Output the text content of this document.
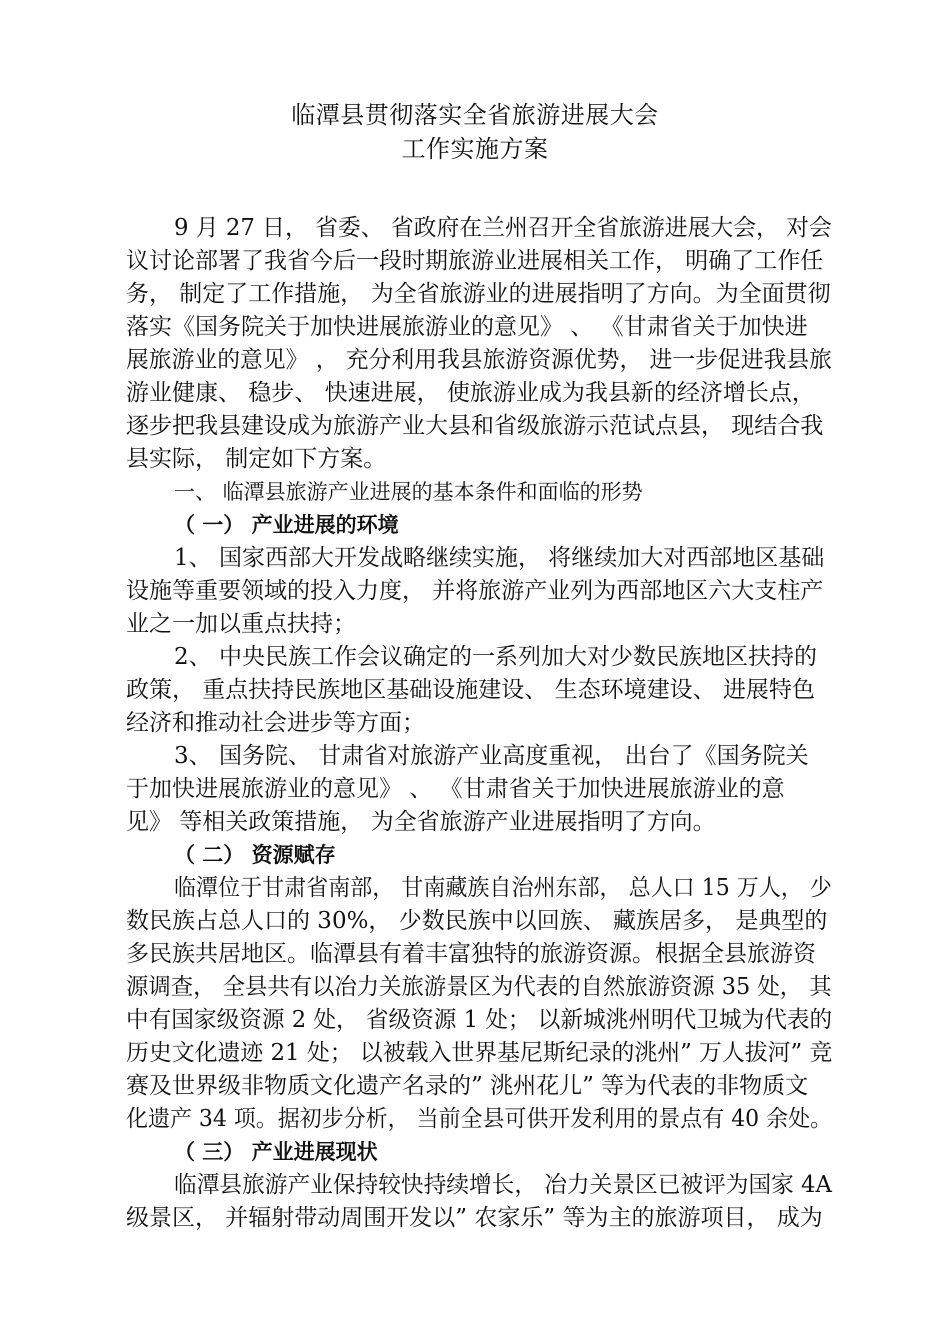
临潭县贯彻落实全省旅游进展大会
工作实施方案
9 月 27 日， 省委、 省政府在兰州召开全省旅游进展大会， 对会
议讨论部署了我省今后一段时期旅游业进展相关工作， 明确了工作任
务， 制定了工作措施， 为全省旅游业的进展指明了方向。为全面贯彻
落实《国务院关于加快进展旅游业的意见》 、 《甘肃省关于加快进
展旅游业的意见》 ， 充分利用我县旅游资源优势， 进一步促进我县旅
游业健康、 稳步、 快速进展， 使旅游业成为我县新的经济增长点，
逐步把我县建设成为旅游产业大县和省级旅游示范试点县， 现结合我
县实际， 制定如下方案。
一、 临潭县旅游产业进展的基本条件和面临的形势
（ 一） 产业进展的环境
1、 国家西部大开发战略继续实施， 将继续加大对西部地区基础
设施等重要领域的投入力度， 并将旅游产业列为西部地区六大支柱产
业之一加以重点扶持；
2、 中央民族工作会议确定的一系列加大对少数民族地区扶持的
政策， 重点扶持民族地区基础设施建设、 生态环境建设、 进展特色
经济和推动社会进步等方面；
3、 国务院、 甘肃省对旅游产业高度重视， 出台了《国务院关
于加快进展旅游业的意见》 、 《甘肃省关于加快进展旅游业的意
见》 等相关政策措施， 为全省旅游产业进展指明了方向。
（ 二） 资源赋存
临潭位于甘肃省南部， 甘南藏族自治州东部， 总人口 15 万人， 少
数民族占总人口的 30%， 少数民族中以回族、 藏族居多， 是典型的
多民族共居地区。临潭县有着丰富独特的旅游资源。根据全县旅游资
源调查， 全县共有以冶力关旅游景区为代表的自然旅游资源 35 处， 其
中有国家级资源 2 处， 省级资源 1 处； 以新城洮州明代卫城为代表的
历史文化遗迹 21 处； 以被载入世界基尼斯纪录的洮州” 万人拔河” 竞
赛及世界级非物质文化遗产名录的” 洮州花儿” 等为代表的非物质文
化遗产 34 项。据初步分析， 当前全县可供开发利用的景点有 40 余处。
（ 三） 产业进展现状
临潭县旅游产业保持较快持续增长， 冶力关景区已被评为国家 4A
级景区， 并辐射带动周围开发以” 农家乐” 等为主的旅游项目， 成为
